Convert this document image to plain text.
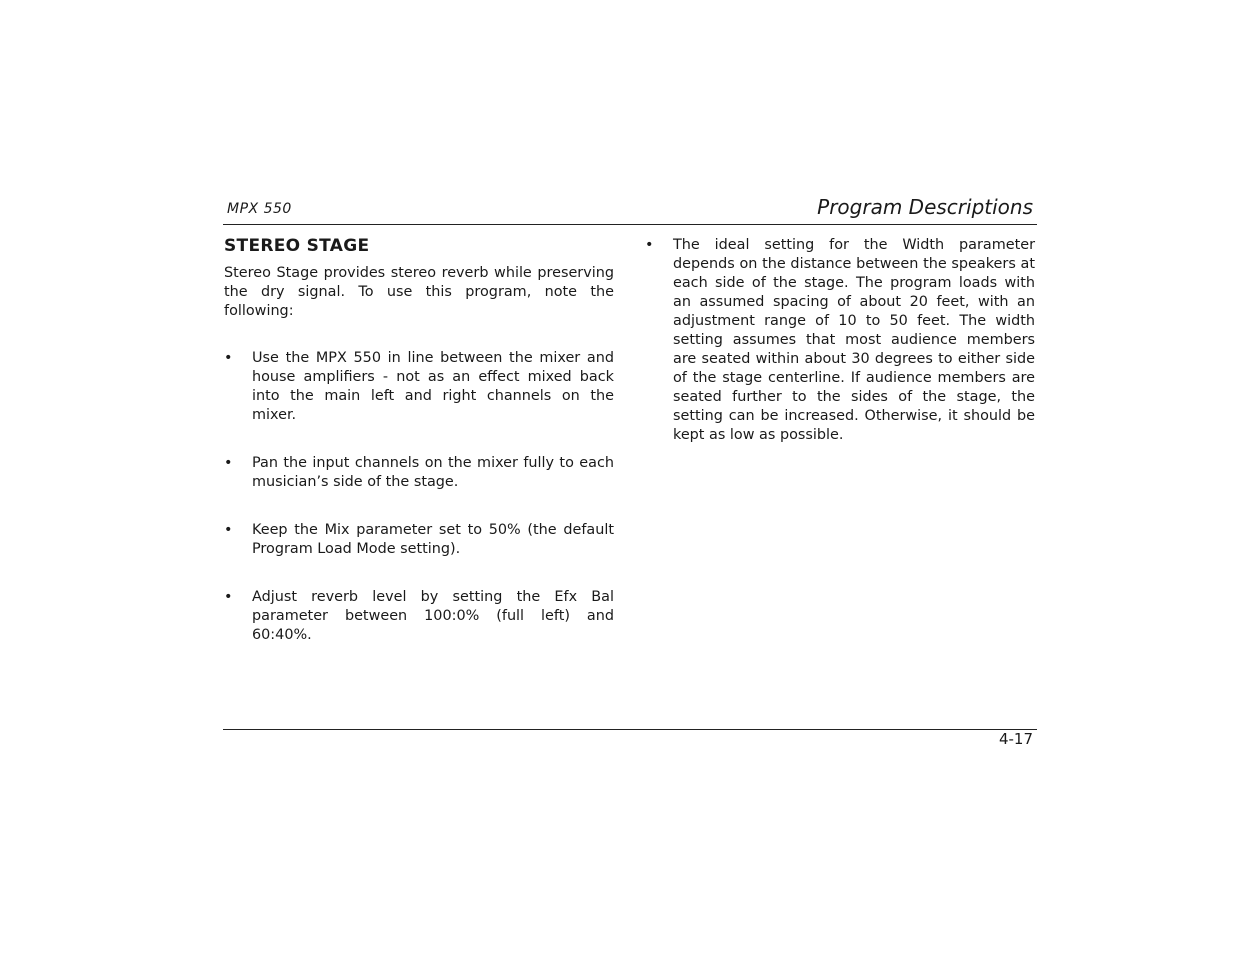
MPX 550	Program Descriptions
STEREO STAGE

Stereo Stage provides stereo reverb while preserving the dry signal. To use this program, note the following:

•	Use the MPX 550 in line between the mixer and house amplifiers - not as an effect mixed back into the main left and right channels on the mixer.
•	Pan the input channels on the mixer fully to each musician’s side of the stage.
•	Keep the Mix parameter set to 50% (the default Program Load Mode setting).
•	Adjust reverb level by setting the Efx Bal parameter between 100:0% (full left) and 60:40%.
•	The ideal setting for the Width parameter depends on the distance between the speakers at each side of the stage. The program loads with an assumed spacing of about 20 feet, with an adjustment range of 10 to 50 feet. The width setting assumes that most audience members are seated within about 30 degrees to either side of the stage centerline. If audience members are seated further to the sides of the stage, the setting can be increased. Otherwise, it should be kept as low as possible.
4-17
